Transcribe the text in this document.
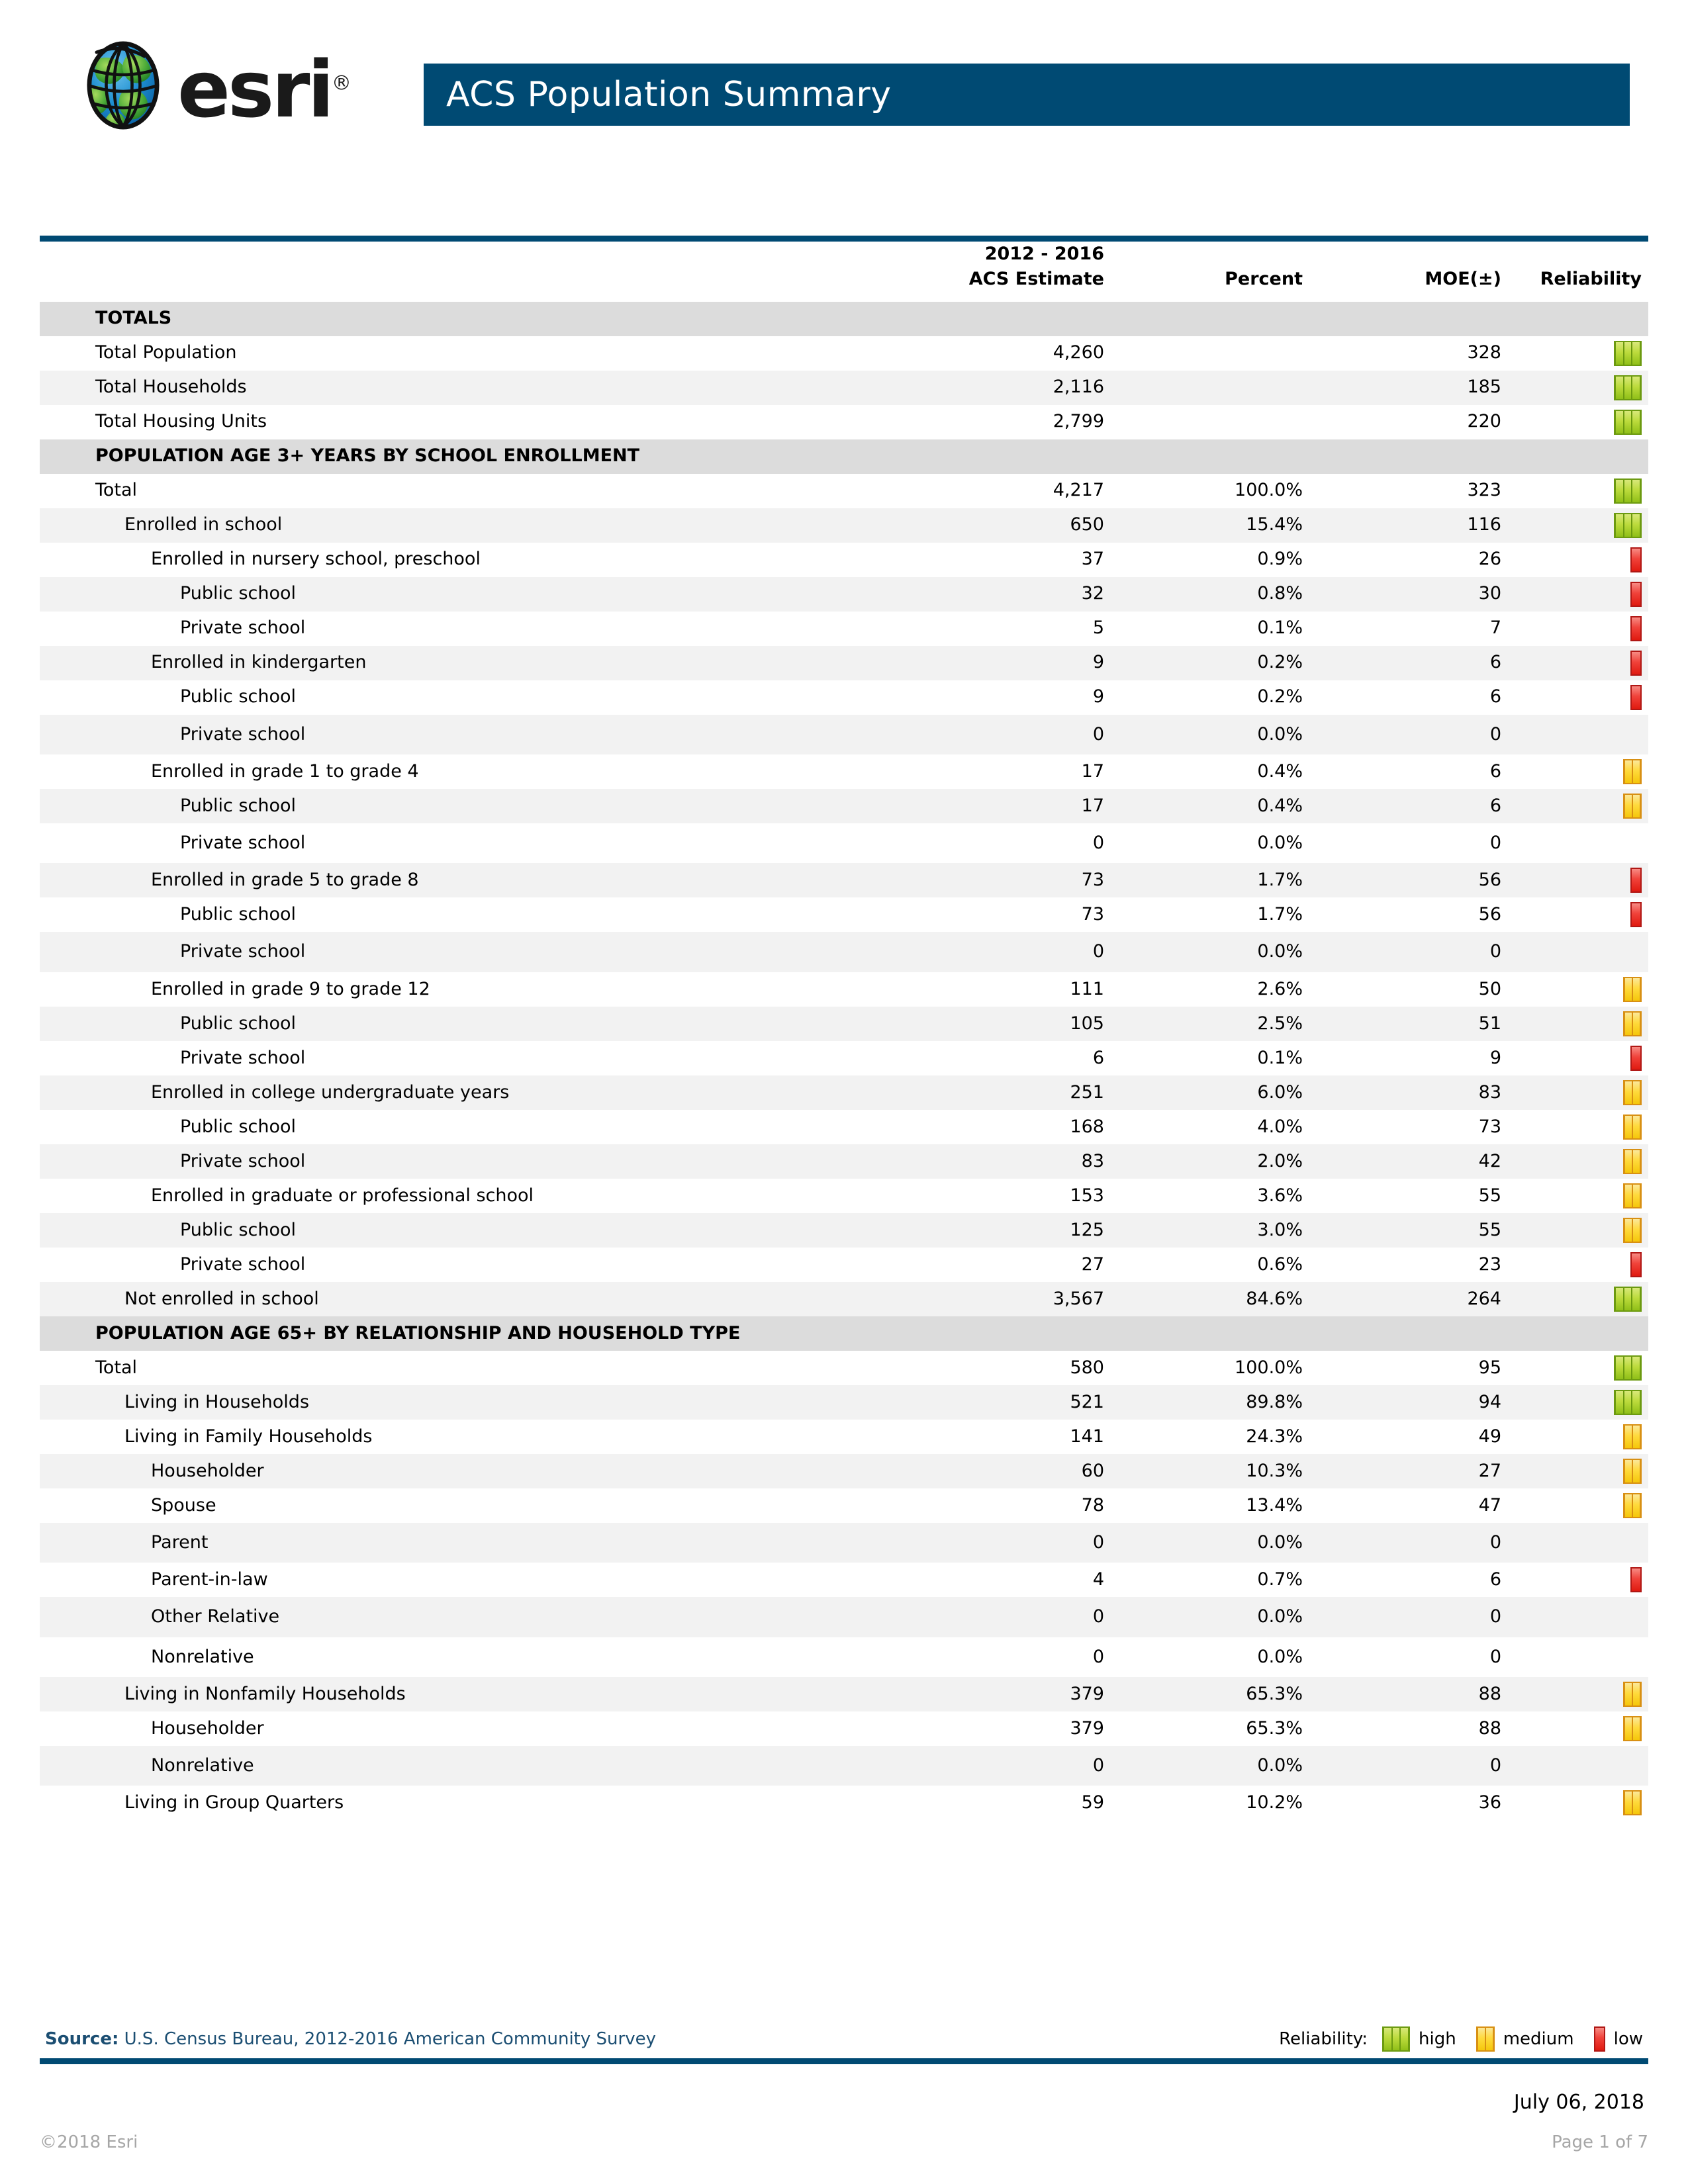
esri®	ACS Population Summary

	2012 - 2016
ACS Estimate	Percent	MOE(±)	Reliability
TOTALS				
Total Population	4,260		328	

Total Households	2,116		185	

Total Housing Units	2,799		220	

POPULATION AGE 3+ YEARS BY SCHOOL ENROLLMENT				
Total	4,217	100.0%	323	

Enrolled in school	650	15.4%	116	

Enrolled in nursery school, preschool	37	0.9%	26	

Public school	32	0.8%	30	

Private school	5	0.1%	7	

Enrolled in kindergarten	9	0.2%	6	

Public school	9	0.2%	6	

Private school	0	0.0%	0	
Enrolled in grade 1 to grade 4	17	0.4%	6	

Public school	17	0.4%	6	

Private school	0	0.0%	0	
Enrolled in grade 5 to grade 8	73	1.7%	56	

Public school	73	1.7%	56	

Private school	0	0.0%	0	
Enrolled in grade 9 to grade 12	111	2.6%	50	

Public school	105	2.5%	51	

Private school	6	0.1%	9	

Enrolled in college undergraduate years	251	6.0%	83	

Public school	168	4.0%	73	

Private school	83	2.0%	42	

Enrolled in graduate or professional school	153	3.6%	55	

Public school	125	3.0%	55	

Private school	27	0.6%	23	

Not enrolled in school	3,567	84.6%	264	

POPULATION AGE 65+ BY RELATIONSHIP AND HOUSEHOLD TYPE				
Total	580	100.0%	95	

Living in Households	521	89.8%	94	

Living in Family Households	141	24.3%	49	

Householder	60	10.3%	27	

Spouse	78	13.4%	47	

Parent	0	0.0%	0	
Parent-in-law	4	0.7%	6	

Other Relative	0	0.0%	0	
Nonrelative	0	0.0%	0	
Living in Nonfamily Households	379	65.3%	88	

Householder	379	65.3%	88	

Nonrelative	0	0.0%	0	
Living in Group Quarters	59	10.2%	36	
Source: U.S. Census Bureau, 2012-2016 American Community Survey	Reliability:	high	medium low
July 06, 2018
©2018 Esri	Page 1 of 7
